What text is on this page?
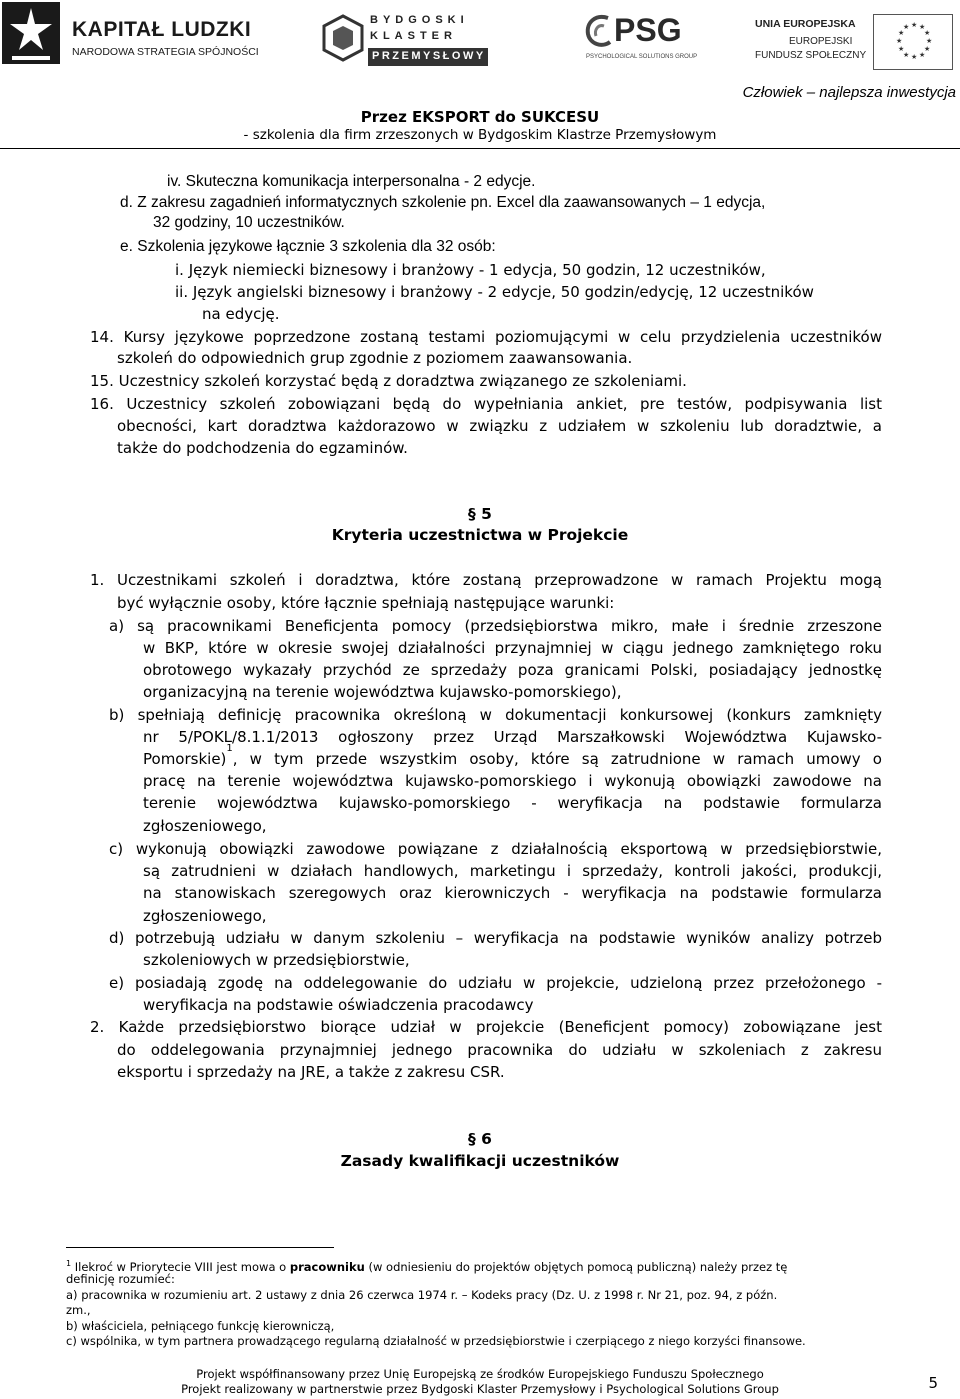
KAPITAŁ LUDZKI
NARODOWA STRATEGIA SPÓJNOŚCI
BYDGOSKI
KLASTER
PRZEMYSŁOWY
PSG
PSYCHOLOGICAL SOLUTIONS GROUP
UNIA EUROPEJSKA
EUROPEJSKI
FUNDUSZ SPOŁECZNY
★ ★
★
★
★
★
★
★
★
★
★
★
Człowiek – najlepsza inwestycja
Przez EKSPORT do SUKCESU
- szkolenia dla firm zrzeszonych w Bydgoskim Klastrze Przemysłowym
iv. Skuteczna komunikacja interpersonalna - 2 edycje.
d. Z zakresu zagadnień informatycznych szkolenie pn. Excel dla zaawansowanych – 1 edycja,
32 godziny, 10 uczestników.
e. Szkolenia językowe łącznie 3 szkolenia dla 32 osób:
i. Język niemiecki biznesowy i branżowy - 1 edycja, 50 godzin, 12 uczestników,
ii. Język angielski biznesowy i branżowy - 2 edycje, 50 godzin/edycję, 12 uczestników
na edycję.
14. Kursy językowe poprzedzone zostaną testami poziomującymi w celu przydzielenia uczestników
szkoleń do odpowiednich grup zgodnie z poziomem zaawansowania.
15. Uczestnicy szkoleń korzystać będą z doradztwa związanego ze szkoleniami.
16. Uczestnicy szkoleń zobowiązani będą do wypełniania ankiet, pre testów, podpisywania list
obecności, kart doradztwa każdorazowo w związku z udziałem w szkoleniu lub doradztwie, a
także do podchodzenia do egzaminów.
§ 5
Kryteria uczestnictwa w Projekcie
1. Uczestnikami szkoleń i doradztwa, które zostaną przeprowadzone w ramach Projektu mogą
być wyłącznie osoby, które łącznie spełniają następujące warunki:
a) są pracownikami Beneficjenta pomocy (przedsiębiorstwa mikro, małe i średnie zrzeszone
w BKP, które w okresie swojej działalności przynajmniej w ciągu jednego zamkniętego roku
obrotowego wykazały przychód ze sprzedaży poza granicami Polski, posiadający jednostkę
organizacyjną na terenie województwa kujawsko-pomorskiego),
b) spełniają definicję pracownika określoną w dokumentacji konkursowej (konkurs zamknięty
nr 5/POKL/8.1.1/2013 ogłoszony przez Urząd Marszałkowski Województwa Kujawsko-
Pomorskie)
1
, w tym przede wszystkim osoby, które są zatrudnione w ramach umowy o
pracę na terenie województwa kujawsko-pomorskiego i wykonują obowiązki zawodowe na
terenie województwa kujawsko-pomorskiego - weryfikacja na podstawie formularza
zgłoszeniowego,
c) wykonują obowiązki zawodowe powiązane z działalnością eksportową w przedsiębiorstwie,
są zatrudnieni w działach handlowych, marketingu i sprzedaży, kontroli jakości, produkcji,
na stanowiskach szeregowych oraz kierowniczych - weryfikacja na podstawie formularza
zgłoszeniowego,
d) potrzebują udziału w danym szkoleniu – weryfikacja na podstawie wyników analizy potrzeb
szkoleniowych w przedsiębiorstwie,
e) posiadają zgodę na oddelegowanie do udziału w projekcie, udzieloną przez przełożonego -
weryfikacja na podstawie oświadczenia pracodawcy
2. Każde przedsiębiorstwo biorące udział w projekcie (Beneficjent pomocy) zobowiązane jest
do oddelegowania przynajmniej jednego pracownika do udziału w szkoleniach z zakresu
eksportu i sprzedaży na JRE, a także z zakresu CSR.
§ 6
Zasady kwalifikacji uczestników
$^1$ Ilekroć w Priorytecie VIII jest mowa o pracowniku (w odniesieniu do projektów objętych pomocą publiczną) należy przez tę
definicję rozumieć:
a) pracownika w rozumieniu art. 2 ustawy z dnia 26 czerwca 1974 r. – Kodeks pracy (Dz. U. z 1998 r. Nr 21, poz. 94, z późn.
zm.,
b) właściciela, pełniącego funkcję kierowniczą,
c) wspólnika, w tym partnera prowadzącego regularną działalność w przedsiębiorstwie i czerpiącego z niego korzyści finansowe.
Projekt współfinansowany przez Unię Europejską ze środków Europejskiego Funduszu Społecznego
Projekt realizowany w partnerstwie przez Bydgoski Klaster Przemysłowy i Psychological Solutions Group	5
